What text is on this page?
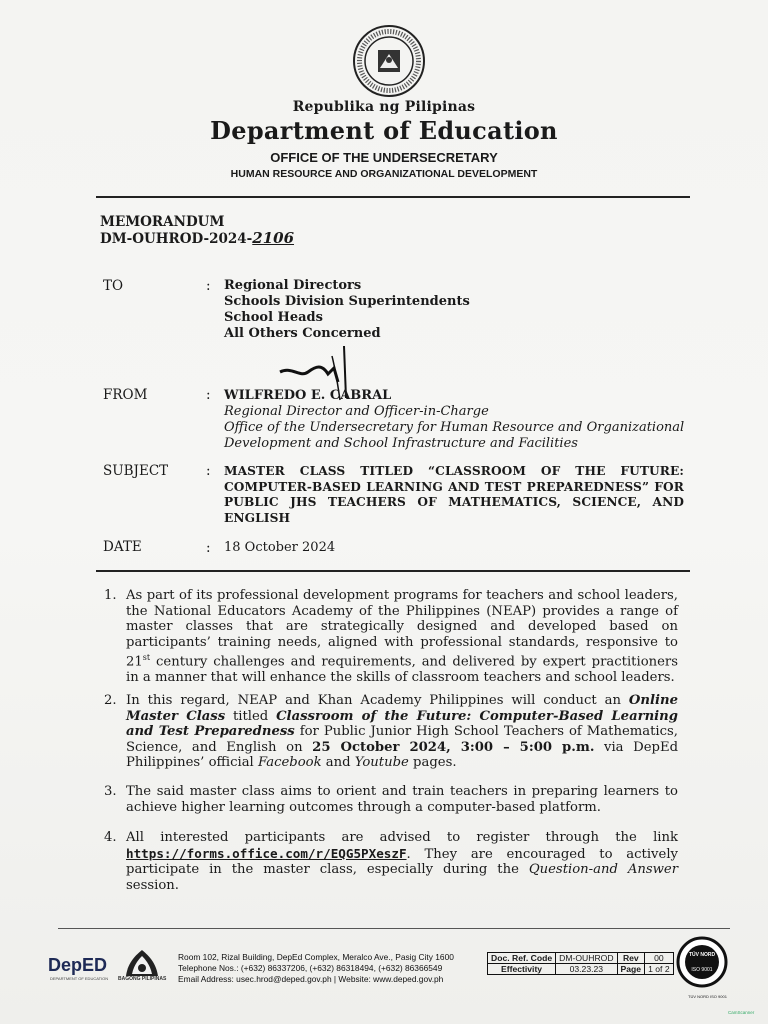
Republika ng Pilipinas
Department of Education
OFFICE OF THE UNDERSECRETARY
HUMAN RESOURCE AND ORGANIZATIONAL DEVELOPMENT
MEMORANDUM
DM-OUHROD-2024-2106
TO	: Regional Directors
Schools Division Superintendents
School Heads
All Others Concerned
FROM	: WILFREDO E. CABRAL
Regional Director and Officer-in-Charge
Office of the Undersecretary for Human Resource and Organizational
Development and School Infrastructure and Facilities
SUBJECT	: MASTER CLASS TITLED “CLASSROOM OF THE FUTURE: COMPUTER-BASED LEARNING AND TEST PREPAREDNESS” FOR PUBLIC JHS TEACHERS OF MATHEMATICS, SCIENCE, AND ENGLISH
DATE	: 18 October 2024
1. As part of its professional development programs for teachers and school leaders, the National Educators Academy of the Philippines (NEAP) provides a range of master classes that are strategically designed and developed based on participants’ training needs, aligned with professional standards, responsive to 21st century challenges and requirements, and delivered by expert practitioners in a manner that will enhance the skills of classroom teachers and school leaders.
2. In this regard, NEAP and Khan Academy Philippines will conduct an Online Master Class titled Classroom of the Future: Computer-Based Learning and Test Preparedness for Public Junior High School Teachers of Mathematics, Science, and English on 25 October 2024, 3:00 – 5:00 p.m. via DepEd Philippines’ official Facebook and Youtube pages.
3. The said master class aims to orient and train teachers in preparing learners to achieve higher learning outcomes through a computer-based platform.
4. All interested participants are advised to register through the link https://forms.office.com/r/EQG5PXeszF. They are encouraged to actively participate in the master class, especially during the Question-and Answer session.
DepED
DEPARTMENT OF EDUCATION BAGONG PILIPINAS
Room 102, Rizal Building, DepEd Complex, Meralco Ave., Pasig City 1600
Telephone Nos.: (+632) 86337206, (+632) 86318494, (+632) 86366549
Email Address: usec.hrod@deped.gov.ph | Website: www.deped.gov.ph
Doc. Ref. Code	DM-OUHROD	Rev	00
Effectivity	03.23.23	Page	1 of 2
TÜV NORD
ISO 9001
TÜV NORD ISO 9001
CamScanner
